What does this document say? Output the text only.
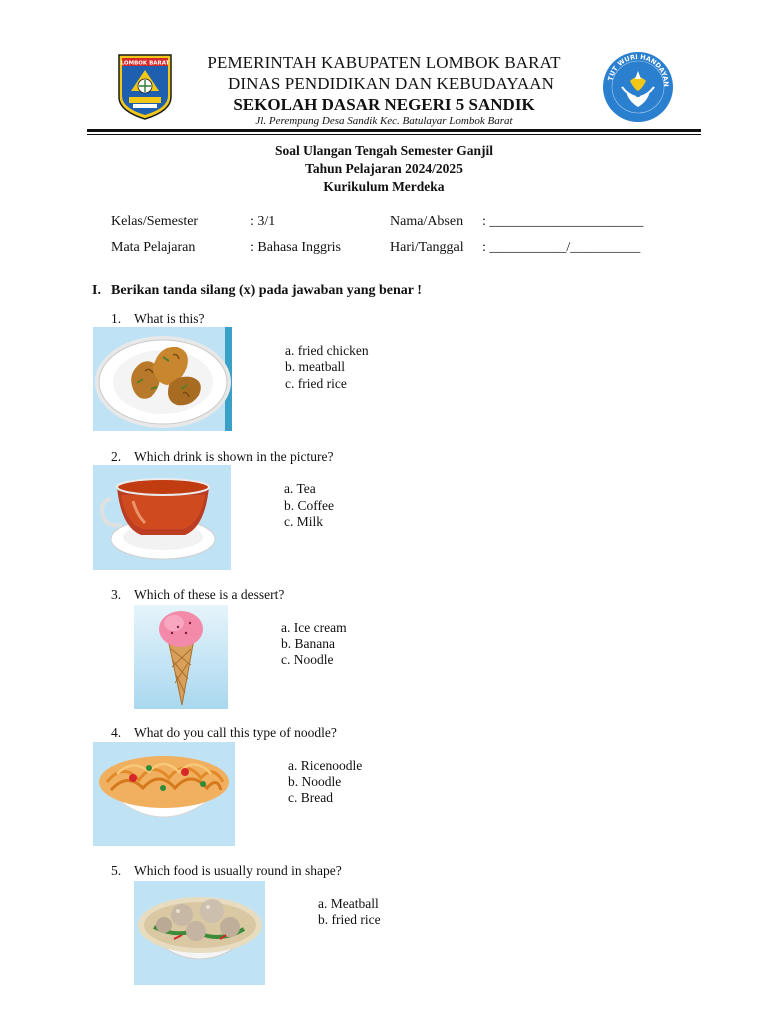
LOMBOK BARAT
TUT WURI HANDAYAN
PEMERINTAH KABUPATEN LOMBOK BARAT
DINAS PENDIDIKAN DAN KEBUDAYAAN
SEKOLAH DASAR NEGERI 5 SANDIK
Jl. Perempung Desa Sandik Kec. Batulayar Lombok Barat
Soal Ulangan Tengah Semester Ganjil
Tahun Pelajaran 2024/2025
Kurikulum Merdeka
Kelas/Semester	: 3/1	Nama/Absen : ______________________
Mata Pelajaran	: Bahasa Inggris	Hari/Tanggal : ___________/__________
I. Berikan tanda silang (x) pada jawaban yang benar !
1. What is this?
a. fried chicken
b. meatball
c. fried rice
2. Which drink is shown in the picture?
a. Tea
b. Coffee
c. Milk
3. Which of these is a dessert?
a. Ice cream
b. Banana
c. Noodle
4. What do you call this type of noodle?
a. Ricenoodle
b. Noodle
c. Bread
5. Which food is usually round in shape?
a. Meatball
b. fried rice
